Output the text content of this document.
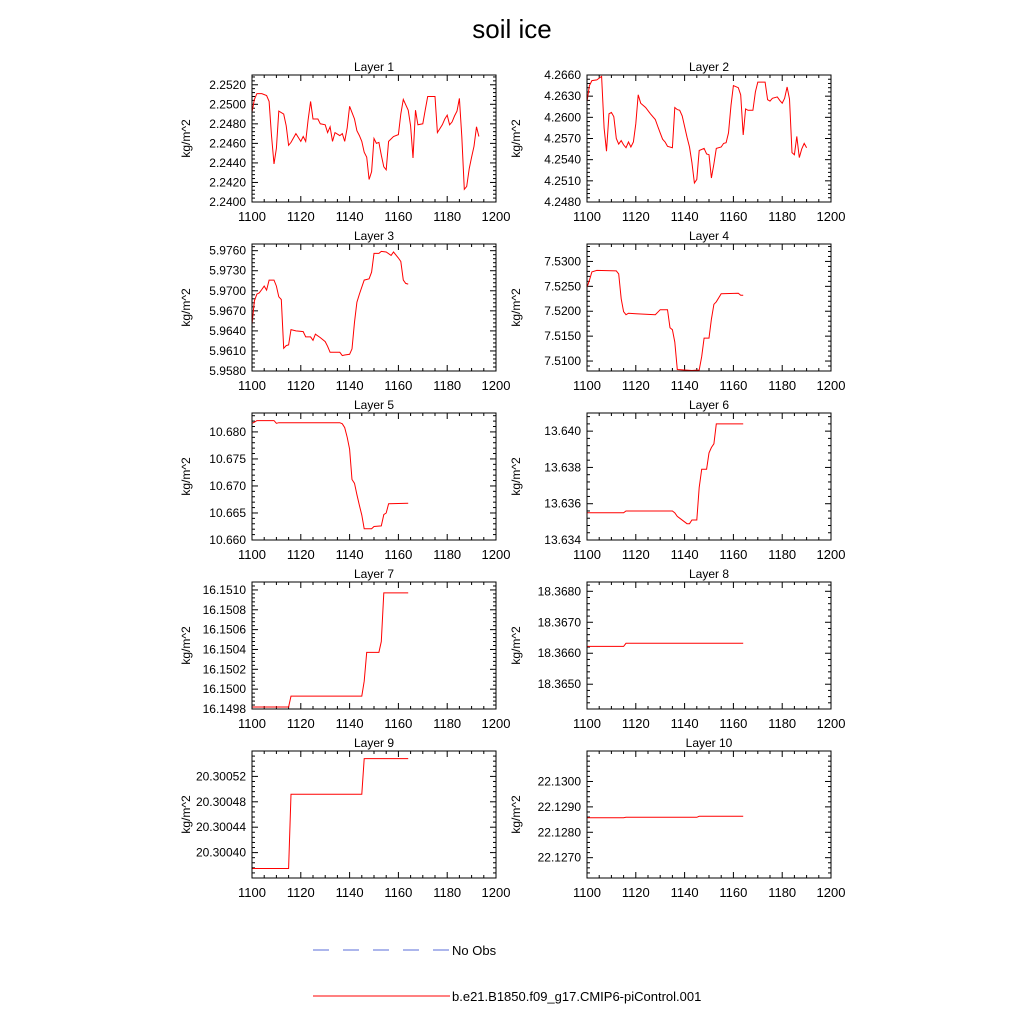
soil ice
Layer 1
kg/m^2
1100 1120 1140 1160 1180 1200
2.2400
2.2420
2.2440
2.2460
2.2480
2.2500
2.2520
Layer 2
kg/m^2
1100 1120 1140 1160 1180 1200
4.2480
4.2510
4.2540
4.2570
4.2600
4.2630
4.2660
Layer 3
kg/m^2
1100 1120 1140 1160 1180 1200
5.9580
5.9610
5.9640
5.9670
5.9700
5.9730
5.9760
Layer 4
kg/m^2
1100 1120 1140 1160 1180 1200
7.5100
7.5150
7.5200
7.5250
7.5300
Layer 5
kg/m^2
1100 1120 1140 1160 1180 1200
10.660
10.665
10.670
10.675
10.680
Layer 6
kg/m^2
1100 1120 1140 1160 1180 1200
13.634
13.636
13.638
13.640
Layer 7
kg/m^2
1100 1120 1140 1160 1180 1200
16.1498
16.1500
16.1502
16.1504
16.1506
16.1508
16.1510
Layer 8
kg/m^2
1100 1120 1140 1160 1180 1200
18.3650
18.3660
18.3670
18.3680
Layer 9
kg/m^2
1100 1120 1140 1160 1180 1200
20.30040
20.30044
20.30048
20.30052
Layer 10
kg/m^2
1100 1120 1140 1160 1180 1200
22.1270
22.1280
22.1290
22.1300
No Obs
b.e21.B1850.f09_g17.CMIP6-piControl.001
